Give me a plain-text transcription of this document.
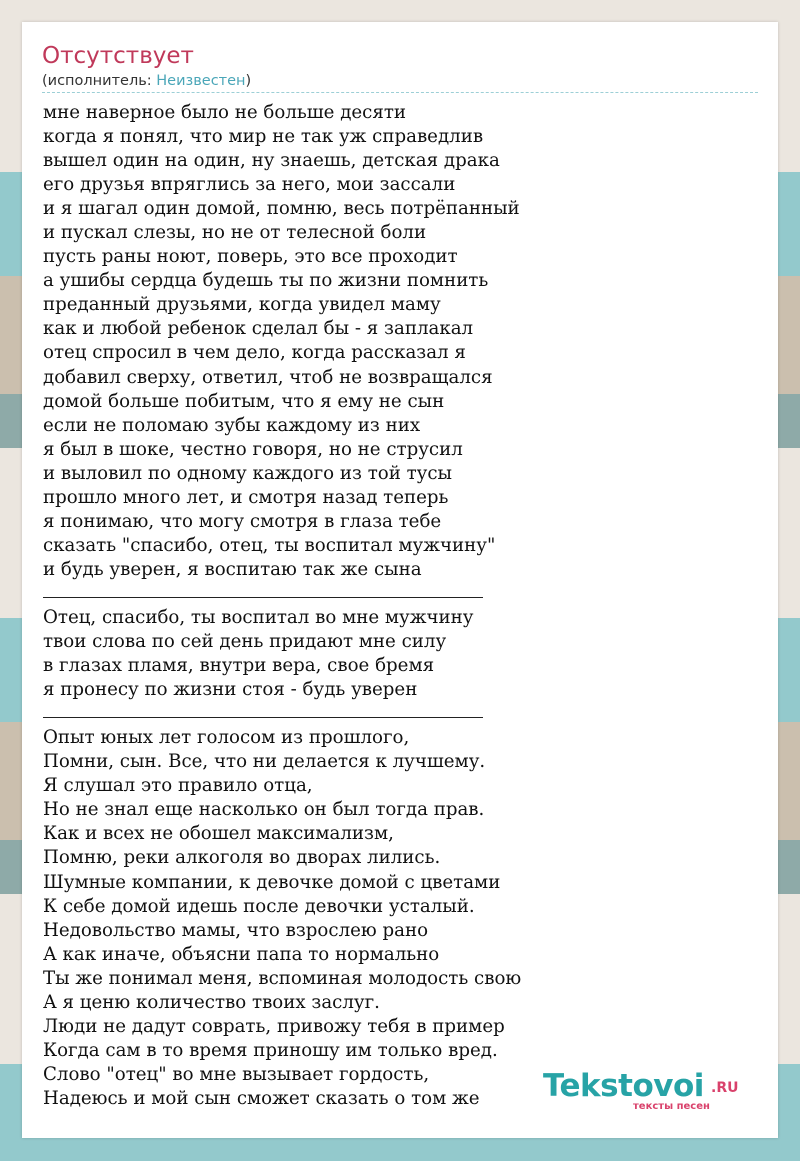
Отсутствует
(исполнитель: Неизвестен)
мне наверное было не больше десяти
когда я понял, что мир не так уж справедлив
вышел один на один, ну знаешь, детская драка
его друзья впряглись за него, мои зассали
и я шагал один домой, помню, весь потрёпанный
и пускал слезы, но не от телесной боли
пусть раны ноют, поверь, это все проходит
а ушибы сердца будешь ты по жизни помнить
преданный друзьями, когда увидел маму
как и любой ребенок сделал бы - я заплакал
отец спросил в чем дело, когда рассказал я
добавил сверху, ответил, чтоб не возвращался
домой больше побитым, что я ему не сын
если не поломаю зубы каждому из них
я был в шоке, честно говоря, но не струсил
и выловил по одному каждого из той тусы
прошло много лет, и смотря назад теперь
я понимаю, что могу смотря в глаза тебе
сказать "спасибо, отец, ты воспитал мужчину"
и будь уверен, я воспитаю так же сына
Отец, спасибо, ты воспитал во мне мужчину
твои слова по сей день придают мне силу
в глазах пламя, внутри вера, свое бремя
я пронесу по жизни стоя - будь уверен
Опыт юных лет голосом из прошлого,
Помни, сын. Все, что ни делается к лучшему.
Я слушал это правило отца,
Но не знал еще насколько он был тогда прав.
Как и всех не обошел максимализм,
Помню, реки алкоголя во дворах лились.
Шумные компании, к девочке домой с цветами
К себе домой идешь после девочки усталый.
Недовольство мамы, что взрослею рано
А как иначе, объясни папа то нормально
Ты же понимал меня, вспоминая молодость свою
А я ценю количество твоих заслуг.
Люди не дадут соврать, привожу тебя в пример
Когда сам в то время приношу им только вред.
Слово "отец" во мне вызывает гордость,
Надеюсь и мой сын сможет сказать о том же	Tekstovoi .RU
тексты песен
